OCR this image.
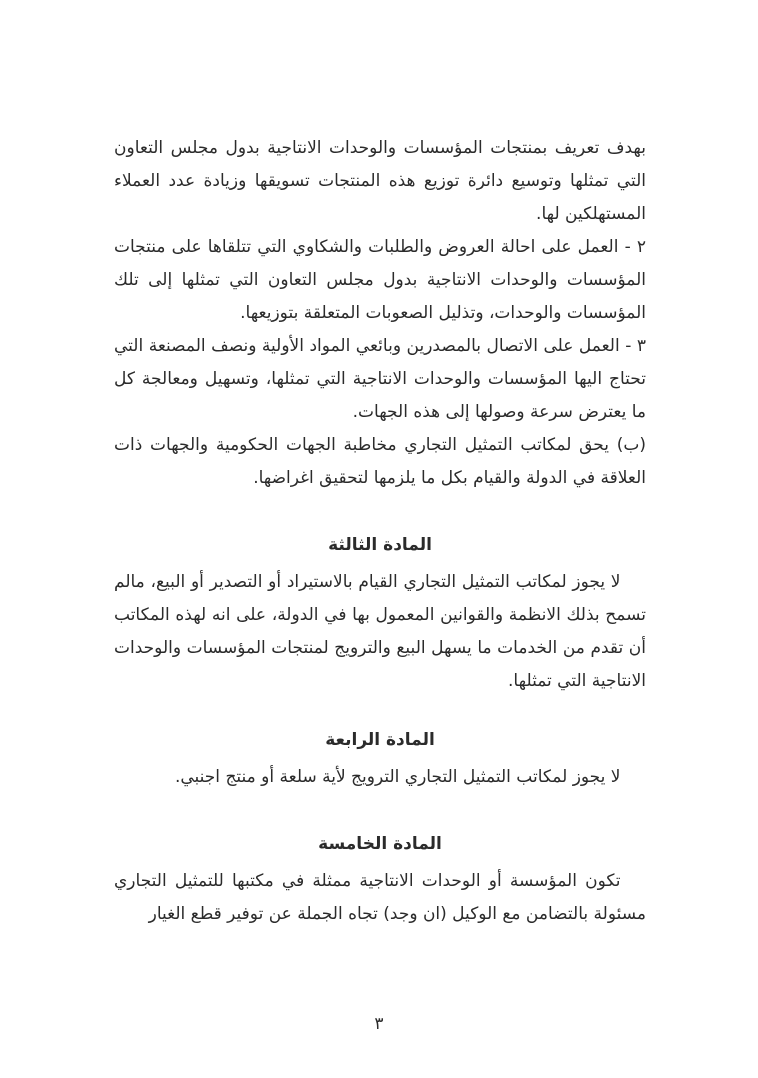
بهدف تعريف بمنتجات المؤسسات والوحدات الانتاجية بدول مجلس التعاون التي تمثلها وتوسيع دائرة توزيع هذه المنتجات تسويقها وزيادة عدد العملاء المستهلكين لها.

٢ - العمل على احالة العروض والطلبات والشكاوي التي تتلقاها على منتجات المؤسسات والوحدات الانتاجية بدول مجلس التعاون التي تمثلها إلى تلك المؤسسات والوحدات، وتذليل الصعوبات المتعلقة بتوزيعها.

٣ - العمل على الاتصال بالمصدرين وبائعي المواد الأولية ونصف المصنعة التي تحتاج اليها المؤسسات والوحدات الانتاجية التي تمثلها، وتسهيل ومعالجة كل ما يعترض سرعة وصولها إلى هذه الجهات.

(ب) يحق لمكاتب التمثيل التجاري مخاطبة الجهات الحكومية والجهات ذات العلاقة في الدولة والقيام بكل ما يلزمها لتحقيق اغراضها.

المادة الثالثة

لا يجوز لمكاتب التمثيل التجاري القيام بالاستيراد أو التصدير أو البيع، مالم تسمح بذلك الانظمة والقوانين المعمول بها في الدولة، على انه لهذه المكاتب أن تقدم من الخدمات ما يسهل البيع والترويج لمنتجات المؤسسات والوحدات الانتاجية التي تمثلها.

المادة الرابعة

لا يجوز لمكاتب التمثيل التجاري الترويج لأية سلعة أو منتج اجنبي.

المادة الخامسة

تكون المؤسسة أو الوحدات الانتاجية ممثلة في مكتبها للتمثيل التجاري مسئولة بالتضامن مع الوكيل (ان وجد) تجاه الجملة عن توفير قطع الغيار

٣
